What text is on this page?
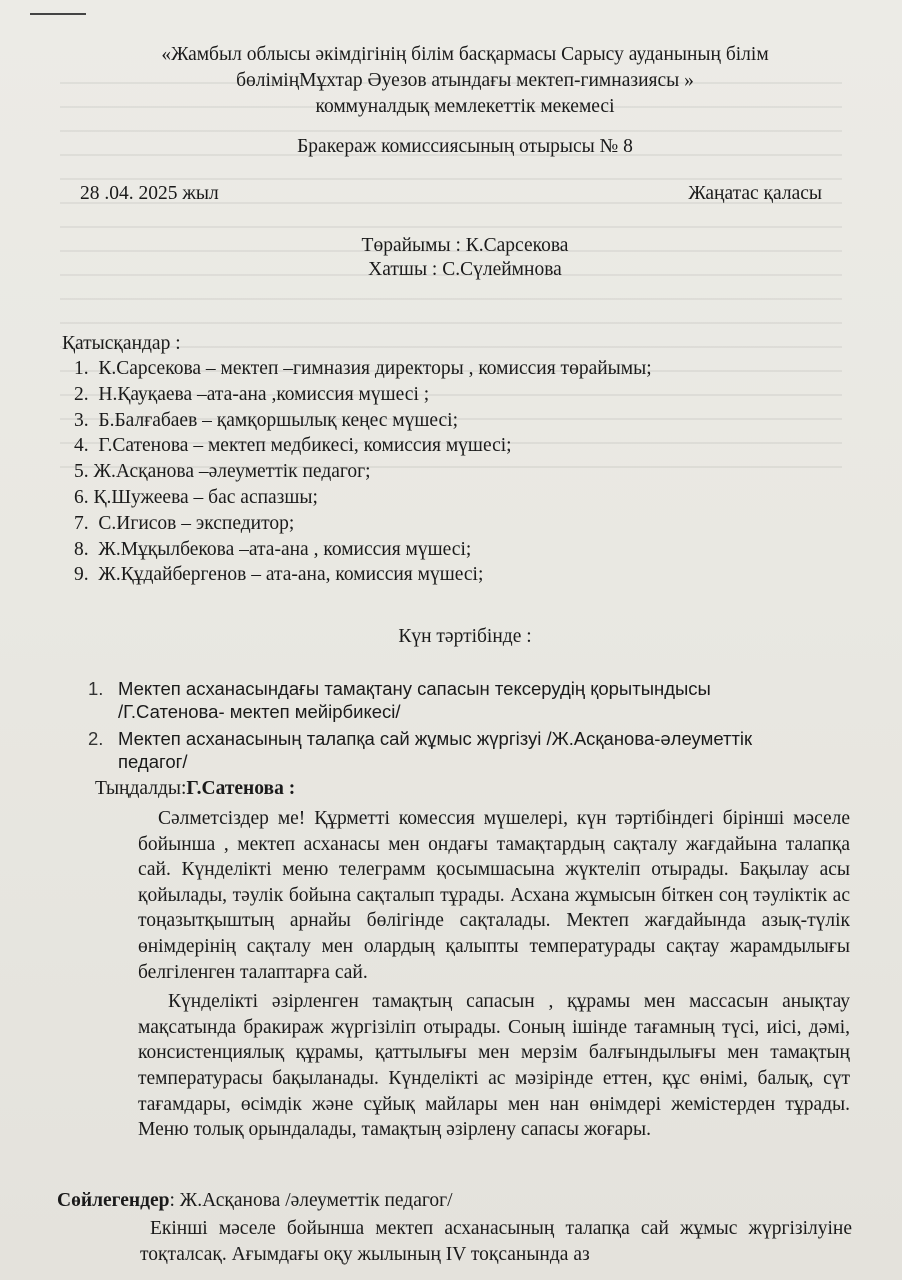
«Жамбыл облысы әкімдігінің білім басқармасы Сарысу ауданының білім
бөліміңМұхтар Әуезов атындағы мектеп-гимназиясы »
коммуналдық мемлекеттік мекемесі
Бракераж комиссиясының отырысы № 8
28 .04. 2025 жыл	Жаңатас қаласы
Төрайымы : К.Сарсекова
Хатшы : С.Сүлеймнова
Қатысқандар :
1. К.Сарсекова – мектеп –гимназия директоры , комиссия төрайымы;
2. Н.Қауқаева –ата-ана ,комиссия мүшесі ;
3. Б.Балғабаев – қамқоршылық кеңес мүшесі;
4. Г.Сатенова – мектеп медбикесі, комиссия мүшесі;
5. Ж.Асқанова –әлеуметтік педагог;
6. Қ.Шужеева – бас аспазшы;
7. С.Игисов – экспедитор;
8. Ж.Мұқылбекова –ата-ана , комиссия мүшесі;
9. Ж.Құдайбергенов – ата-ана, комиссия мүшесі;
Күн тәртібінде :
1. Мектеп асханасындағы тамақтану сапасын тексерудің қорытындысы
/Г.Сатенова- мектеп мейірбикесі/
2. Мектеп асханасының талапқа сай жұмыс жүргізуі /Ж.Асқанова-әлеуметтік
педагог/
Тыңдалды:Г.Сатенова :

Сәлметсіздер ме! Құрметті комессия мүшелері, күн тәртібіндегі бірінші мәселе бойынша , мектеп асханасы мен ондағы тамақтардың сақталу жағдайына талапқа сай. Күнделікті меню телеграмм қосымшасына жүктеліп отырады. Бақылау асы қойылады, тәулік бойына сақталып тұрады. Асхана жұмысын біткен соң тәуліктік ас тоңазытқыштың арнайы бөлігінде сақталады. Мектеп жағдайында азық-түлік өнімдерінің сақталу мен олардың қалыпты температурады сақтау жарамдылығы белгіленген талаптарға сай.

Күнделікті әзірленген тамақтың сапасын , құрамы мен массасын анықтау мақсатында бракираж жүргізіліп отырады. Соның ішінде тағамның түсі, иісі, дәмі, консистенциялық құрамы, қаттылығы мен мерзім балғындылығы мен тамақтың температурасы бақыланады. Күнделікті ас мәзірінде еттен, құс өнімі, балық, сүт тағамдары, өсімдік және сұйық майлары мен нан өнімдері жемістерден тұрады. Меню толық орындалады, тамақтың әзірлену сапасы жоғары.

Сөйлегендер: Ж.Асқанова /әлеуметтік педагог/

Екінші мәселе бойынша мектеп асханасының талапқа сай жұмыс жүргізілуіне тоқталсақ. Ағымдағы оқу жылының IV тоқсанында аз
